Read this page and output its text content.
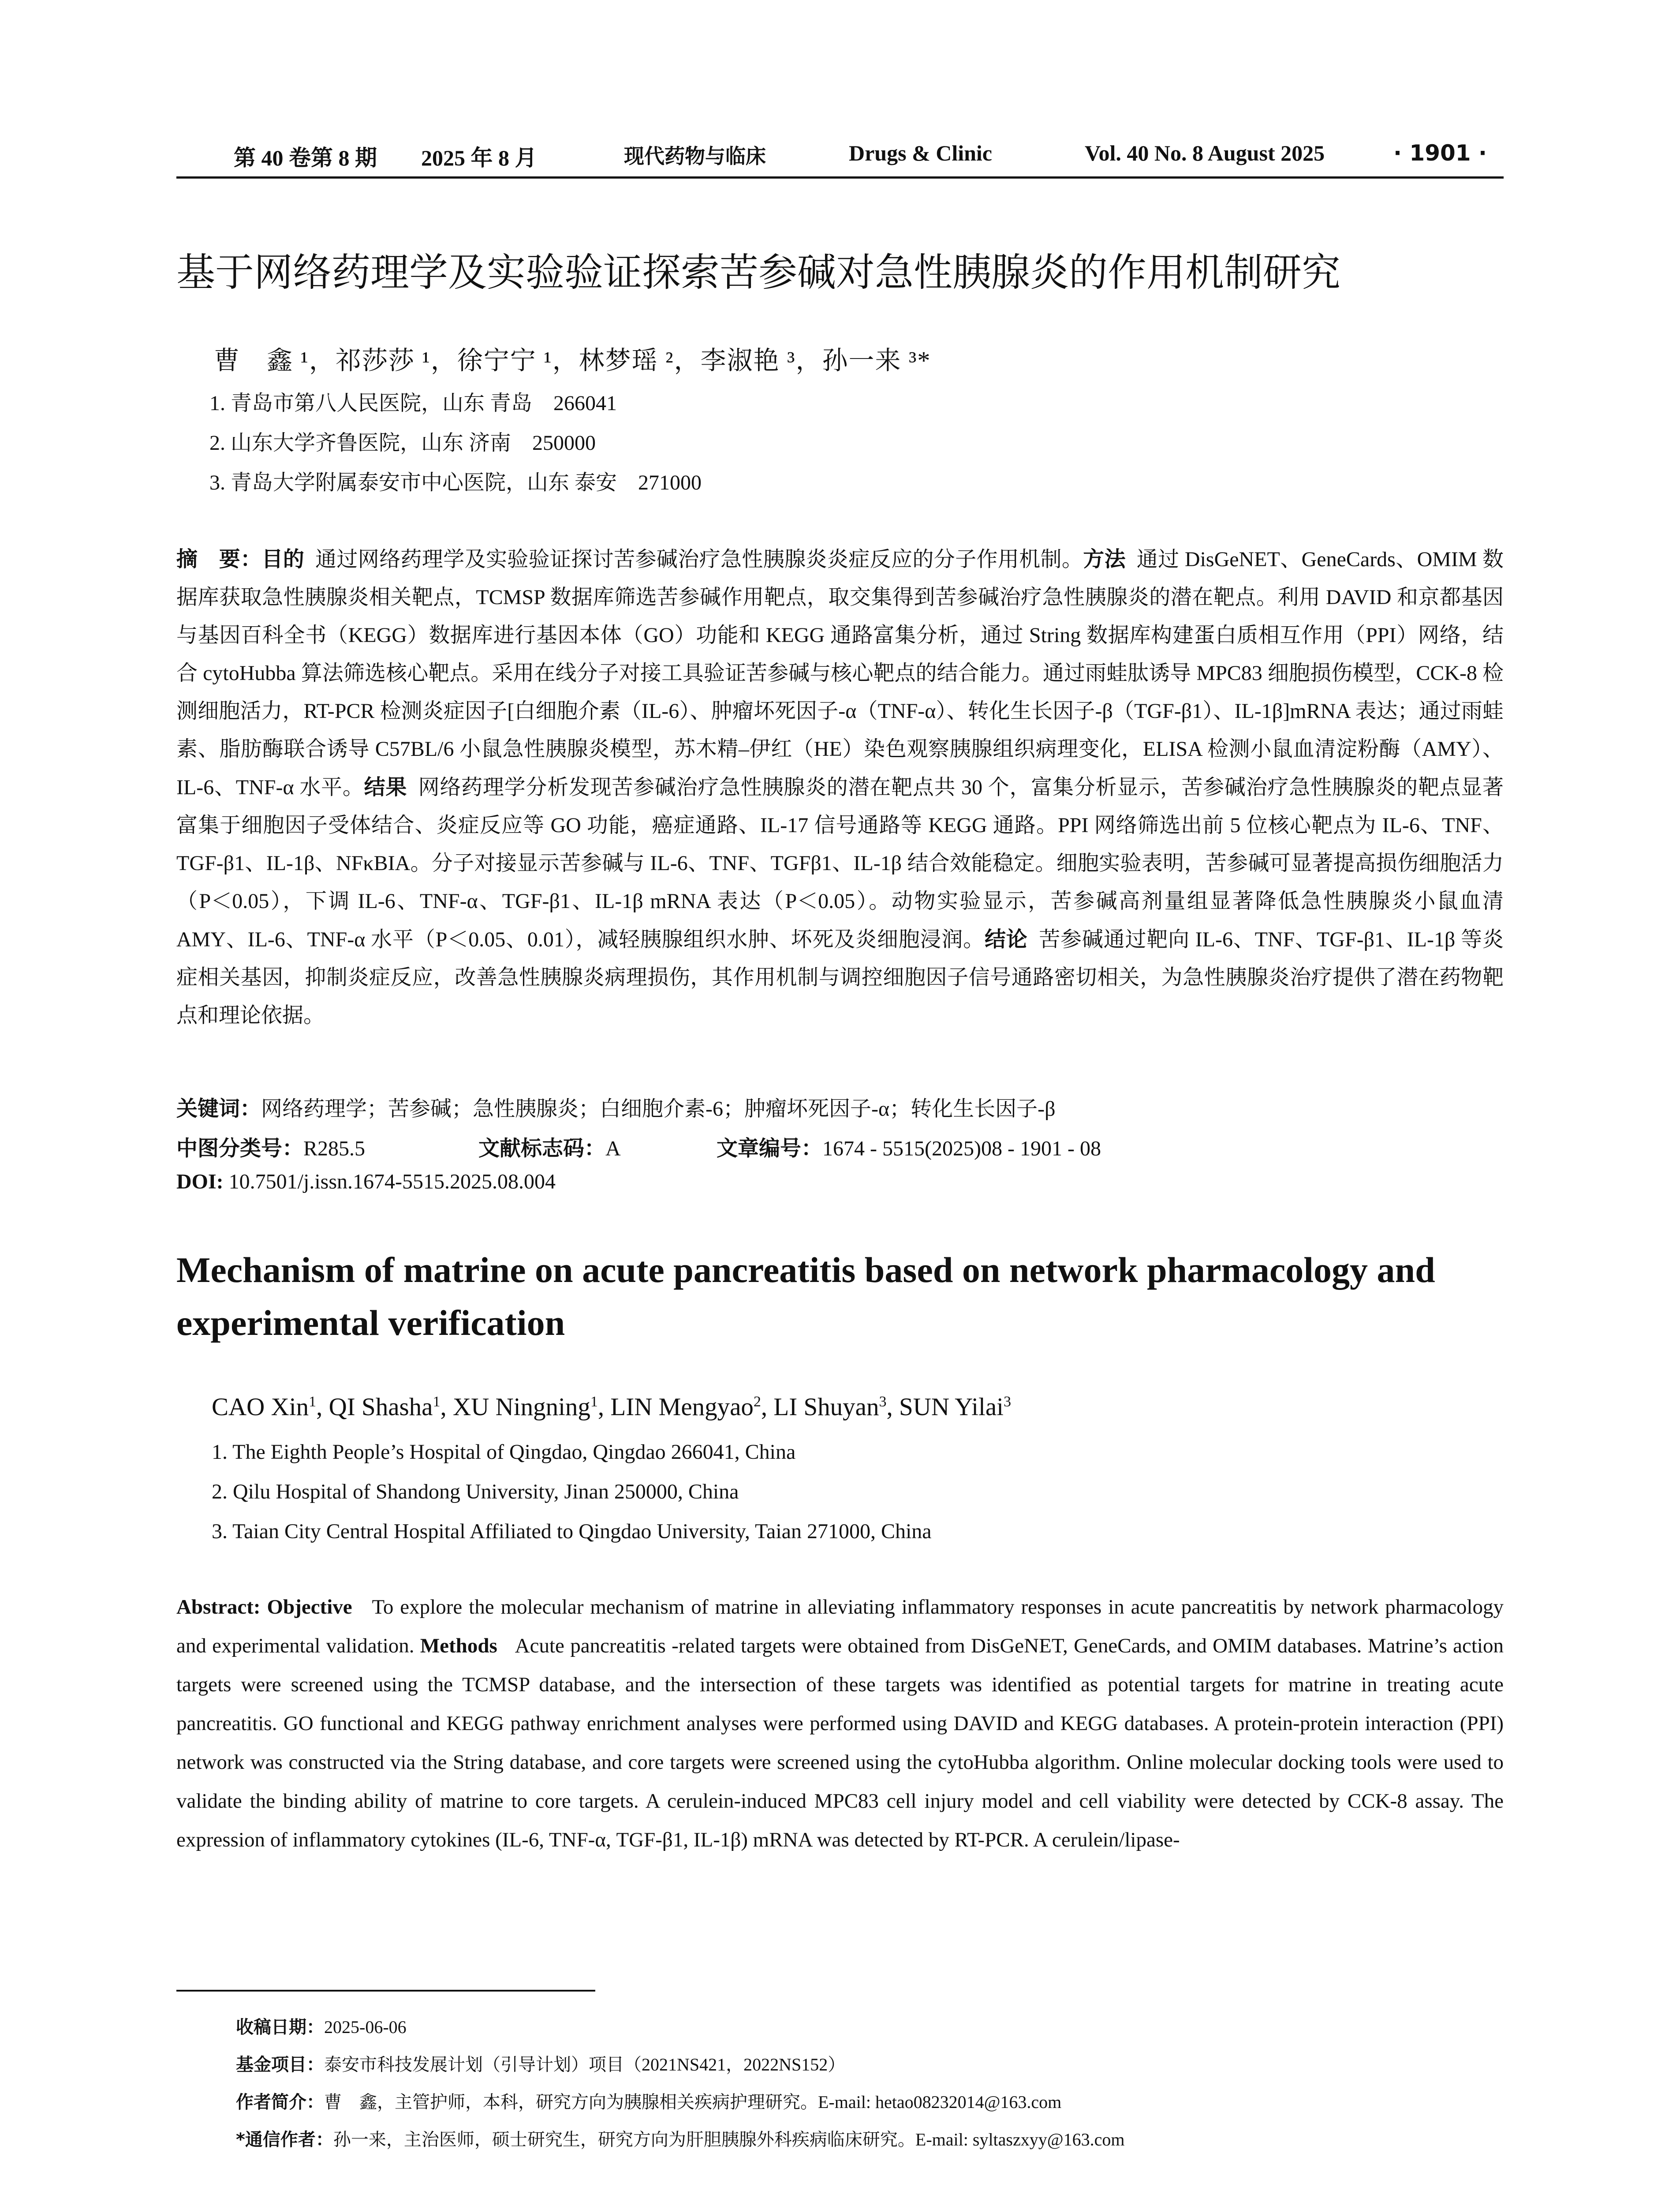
第 40 卷第 8 期 2025 年 8 月	现代药物与临床	Drugs & Clinic	Vol. 40 No. 8 August 2025	· 1901 ·
基于网络药理学及实验验证探索苦参碱对急性胰腺炎的作用机制研究
曹　鑫 ¹，祁莎莎 ¹，徐宁宁 ¹，林梦瑶 ²，李淑艳 ³，孙一来 ³*
1. 青岛市第八人民医院，山东 青岛　266041
2. 山东大学齐鲁医院，山东 济南　250000
3. 青岛大学附属泰安市中心医院，山东 泰安　271000
摘　要：目的 通过网络药理学及实验验证探讨苦参碱治疗急性胰腺炎炎症反应的分子作用机制。方法 通过 DisGeNET、GeneCards、OMIM 数据库获取急性胰腺炎相关靶点，TCMSP 数据库筛选苦参碱作用靶点，取交集得到苦参碱治疗急性胰腺炎的潜在靶点。利用 DAVID 和京都基因与基因百科全书（KEGG）数据库进行基因本体（GO）功能和 KEGG 通路富集分析，通过 String 数据库构建蛋白质相互作用（PPI）网络，结合 cytoHubba 算法筛选核心靶点。采用在线分子对接工具验证苦参碱与核心靶点的结合能力。通过雨蛙肽诱导 MPC83 细胞损伤模型，CCK-8 检测细胞活力，RT-PCR 检测炎症因子[白细胞介素（IL-6）、肿瘤坏死因子-α（TNF-α）、转化生长因子-β（TGF-β1）、IL-1β]mRNA 表达；通过雨蛙素、脂肪酶联合诱导 C57BL/6 小鼠急性胰腺炎模型，苏木精–伊红（HE）染色观察胰腺组织病理变化，ELISA 检测小鼠血清淀粉酶（AMY）、IL-6、TNF-α 水平。结果 网络药理学分析发现苦参碱治疗急性胰腺炎的潜在靶点共 30 个，富集分析显示，苦参碱治疗急性胰腺炎的靶点显著富集于细胞因子受体结合、炎症反应等 GO 功能，癌症通路、IL-17 信号通路等 KEGG 通路。PPI 网络筛选出前 5 位核心靶点为 IL-6、TNF、TGF-β1、IL-1β、NFκBIA。分子对接显示苦参碱与 IL-6、TNF、TGFβ1、IL-1β 结合效能稳定。细胞实验表明，苦参碱可显著提高损伤细胞活力（P＜0.05），下调 IL-6、TNF-α、TGF-β1、IL-1β mRNA 表达（P＜0.05）。动物实验显示，苦参碱高剂量组显著降低急性胰腺炎小鼠血清 AMY、IL-6、TNF-α 水平（P＜0.05、0.01），减轻胰腺组织水肿、坏死及炎细胞浸润。结论 苦参碱通过靶向 IL-6、TNF、TGF-β1、IL-1β 等炎症相关基因，抑制炎症反应，改善急性胰腺炎病理损伤，其作用机制与调控细胞因子信号通路密切相关，为急性胰腺炎治疗提供了潜在药物靶点和理论依据。
关键词：网络药理学；苦参碱；急性胰腺炎；白细胞介素-6；肿瘤坏死因子-α；转化生长因子-β
中图分类号：R285.5	文献标志码：A	文章编号：1674 - 5515(2025)08 - 1901 - 08
DOI: 10.7501/j.issn.1674-5515.2025.08.004
Mechanism of matrine on acute pancreatitis based on network pharmacology and experimental verification
CAO Xin$^1$, QI Shasha$^1$, XU Ningning$^1$, LIN Mengyao$^2$, LI Shuyan$^3$, SUN Yilai$^3$
1. The Eighth People’s Hospital of Qingdao, Qingdao 266041, China
2. Qilu Hospital of Shandong University, Jinan 250000, China
3. Taian City Central Hospital Affiliated to Qingdao University, Taian 271000, China
Abstract: Objective To explore the molecular mechanism of matrine in alleviating inflammatory responses in acute pancreatitis by network pharmacology and experimental validation. Methods Acute pancreatitis -related targets were obtained from DisGeNET, GeneCards, and OMIM databases. Matrine’s action targets were screened using the TCMSP database, and the intersection of these targets was identified as potential targets for matrine in treating acute pancreatitis. GO functional and KEGG pathway enrichment analyses were performed using DAVID and KEGG databases. A protein-protein interaction (PPI) network was constructed via the String database, and core targets were screened using the cytoHubba algorithm. Online molecular docking tools were used to validate the binding ability of matrine to core targets. A cerulein-induced MPC83 cell injury model and cell viability were detected by CCK-8 assay. The expression of inflammatory cytokines (IL-6, TNF-α, TGF-β1, IL-1β) mRNA was detected by RT-PCR. A cerulein/lipase-
收稿日期：2025-06-06
基金项目：泰安市科技发展计划（引导计划）项目（2021NS421，2022NS152）
作者简介：曹　鑫，主管护师，本科，研究方向为胰腺相关疾病护理研究。E-mail: hetao08232014@163.com
*通信作者：孙一来，主治医师，硕士研究生，研究方向为肝胆胰腺外科疾病临床研究。E-mail: syltaszxyy@163.com
